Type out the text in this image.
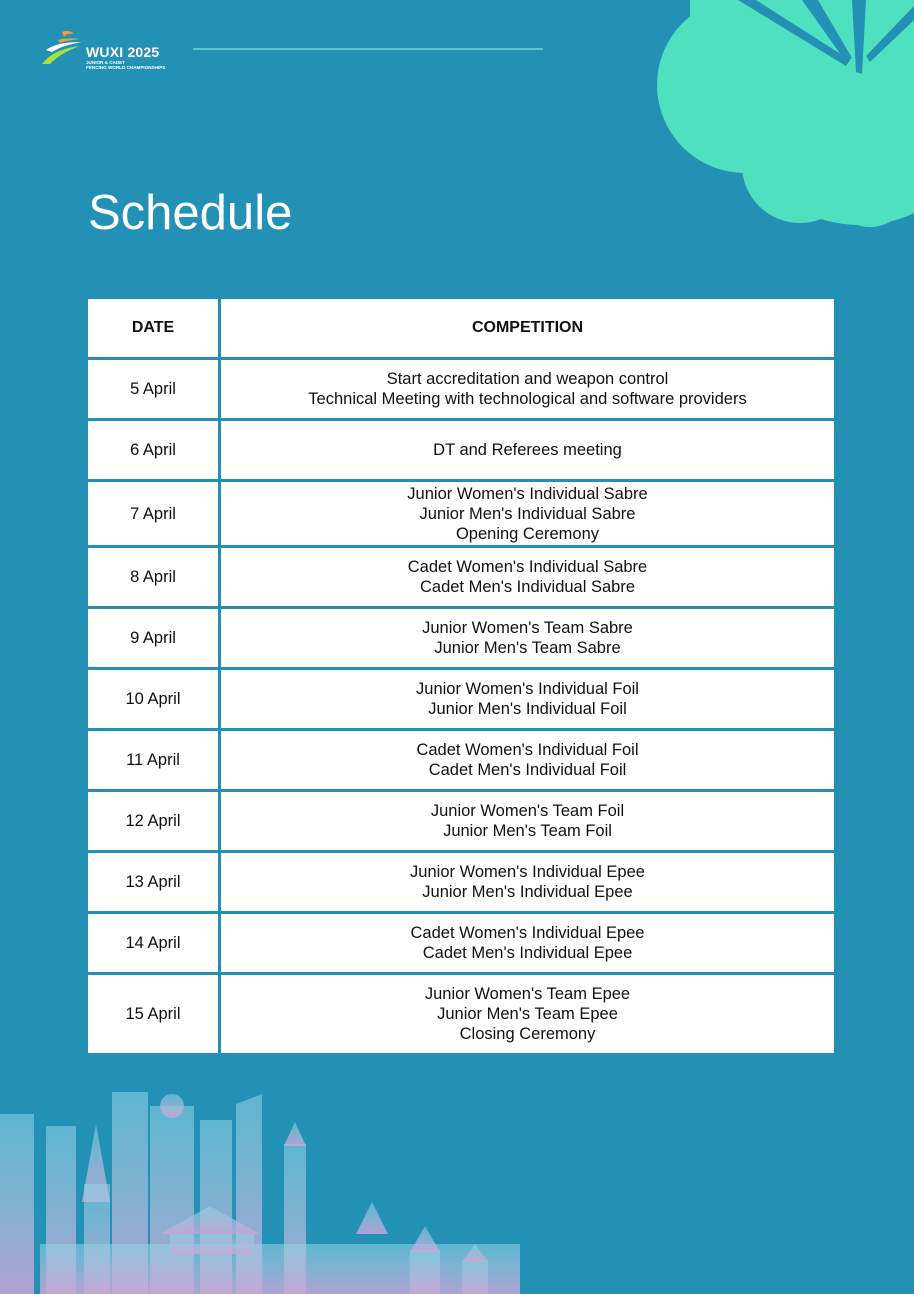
WUXI 2025
JUNIOR & CADET
FENCING WORLD CHAMPIONSHIPS
Schedule
DATE	COMPETITION
5 April	Start accreditation and weapon control
Technical Meeting with technological and software providers

6 April	DT and Referees meeting

7 April	Junior Women's Individual Sabre
Junior Men's Individual Sabre
Opening Ceremony

8 April	Cadet Women's Individual Sabre
Cadet Men's Individual Sabre

9 April	Junior Women's Team Sabre
Junior Men's Team Sabre

10 April	Junior Women's Individual Foil
Junior Men's Individual Foil

11 April	Cadet Women's Individual Foil
Cadet Men's Individual Foil

12 April	Junior Women's Team Foil
Junior Men's Team Foil

13 April	Junior Women's Individual Epee
Junior Men's Individual Epee

14 April	Cadet Women's Individual Epee
Cadet Men's Individual Epee

15 April	Junior Women's Team Epee
Junior Men's Team Epee
Closing Ceremony
